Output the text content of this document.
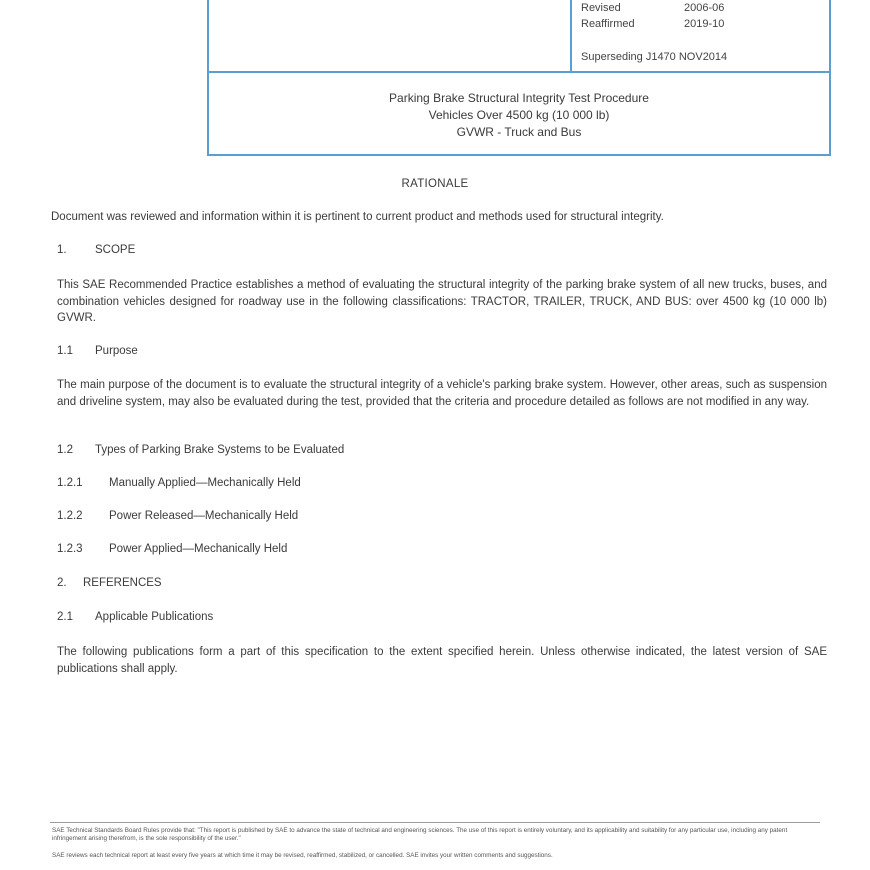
Revised	2006-06
Reaffirmed	2019-10
Superseding J1470 NOV2014
Parking Brake Structural Integrity Test Procedure
Vehicles Over 4500 kg (10 000 lb)
GVWR - Truck and Bus
RATIONALE
Document was reviewed and information within it is pertinent to current product and methods used for structural integrity.
1. SCOPE
This SAE Recommended Practice establishes a method of evaluating the structural integrity of the parking brake system of all new trucks, buses, and combination vehicles designed for roadway use in the following classifications: TRACTOR, TRAILER, TRUCK, AND BUS: over 4500 kg (10 000 lb) GVWR.
1.1 Purpose
The main purpose of the document is to evaluate the structural integrity of a vehicle's parking brake system. However, other areas, such as suspension and driveline system, may also be evaluated during the test, provided that the criteria and procedure detailed as follows are not modified in any way.
1.2 Types of Parking Brake Systems to be Evaluated
1.2.1 Manually Applied—Mechanically Held
1.2.2 Power Released—Mechanically Held
1.2.3 Power Applied—Mechanically Held
2. REFERENCES
2.1 Applicable Publications
The following publications form a part of this specification to the extent specified herein. Unless otherwise indicated, the latest version of SAE publications shall apply.
SAE Technical Standards Board Rules provide that: "This report is published by SAE to advance the state of technical and engineering sciences. The use of this report is entirely voluntary, and its applicability and suitability for any particular use, including any patent infringement arising therefrom, is the sole responsibility of the user."
SAE reviews each technical report at least every five years at which time it may be revised, reaffirmed, stabilized, or cancelled. SAE invites your written comments and suggestions.
